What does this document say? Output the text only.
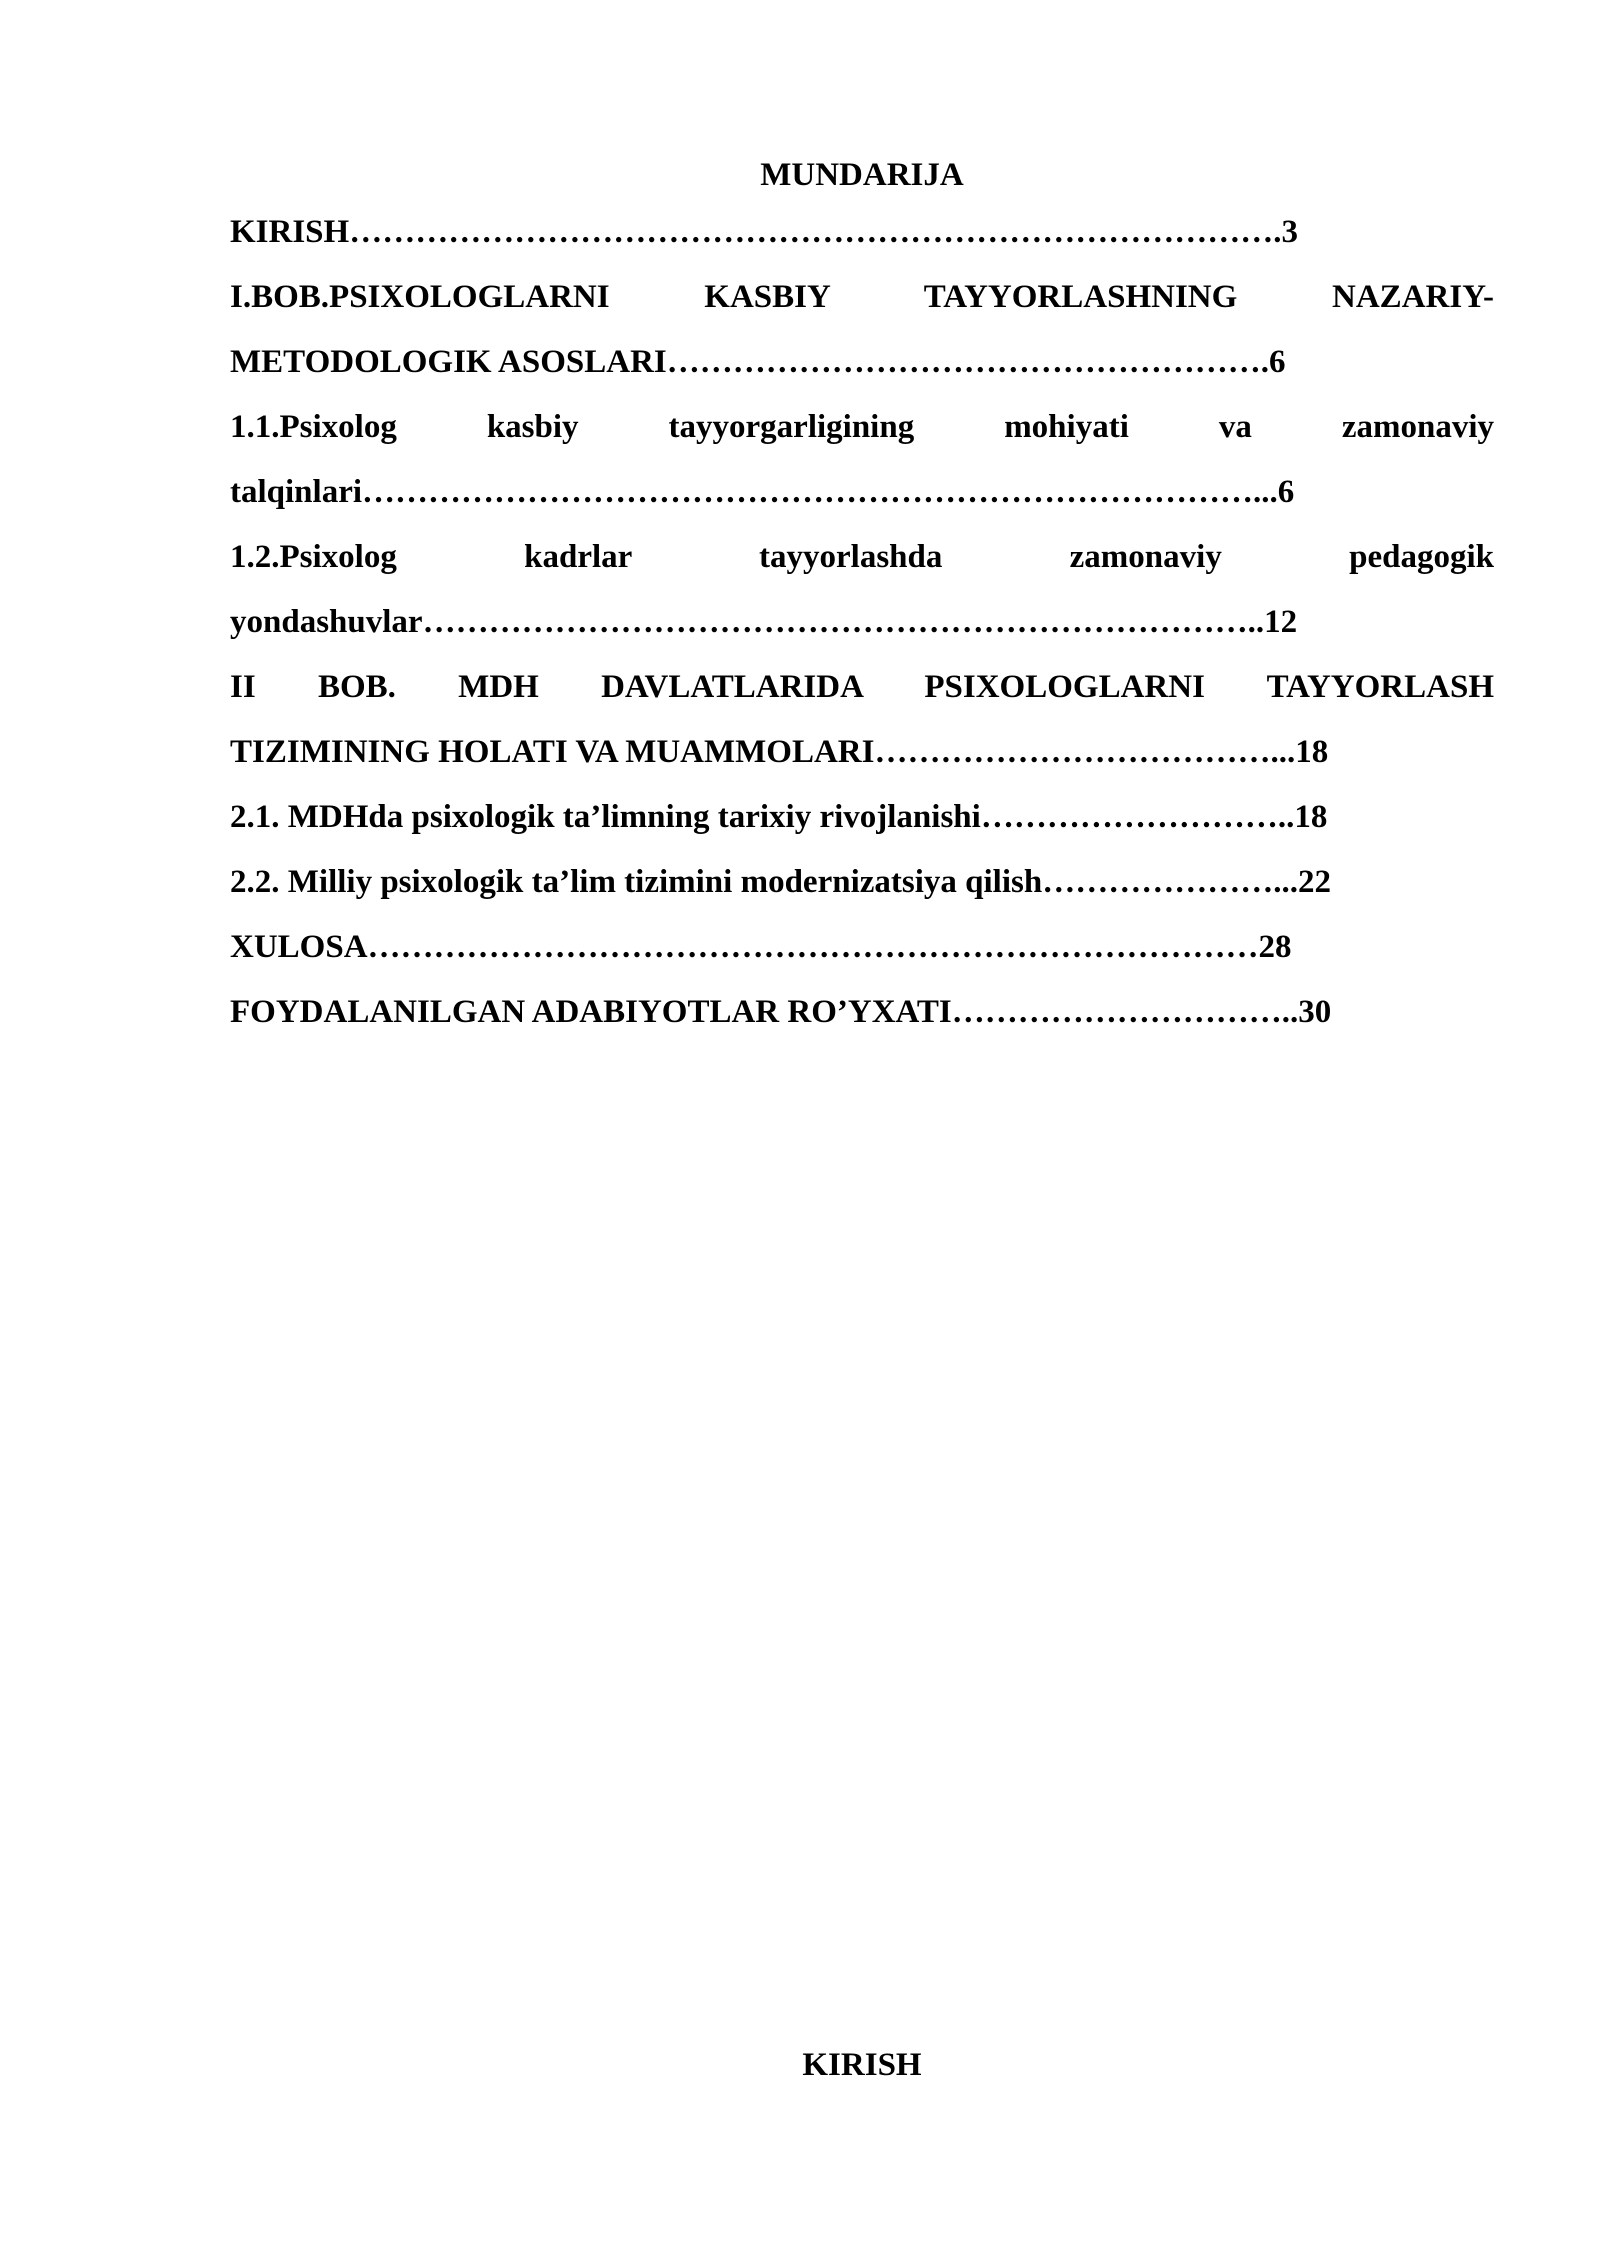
MUNDARIJA

KIRISH………………………………………………………………………….3

I.BOB.PSIXOLOGLARNI KASBIY TAYYORLASHNING NAZARIY-

METODOLOGIK ASOSLARI……………………………………………….6

1.1.Psixolog kasbiy tayyorgarligining mohiyati va zamonaviy

talqinlari………………………………………………………………………...6

1.2.Psixolog kadrlar tayyorlashda zamonaviy pedagogik

yondashuvlar…………………………………………………………………..12

II BOB. MDH DAVLATLARIDA PSIXOLOGLARNI TAYYORLASH

TIZIMINING HOLATI VA MUAMMOLARI………………………………...18

2.1. MDHda psixologik ta’limning tarixiy rivojlanishi………………………..18

2.2. Milliy psixologik ta’lim tizimini modernizatsiya qilish…………………...22

XULOSA………………………………………………………………………28

FOYDALANILGAN ADABIYOTLAR RO’YXATI…………………………..30

KIRISH
